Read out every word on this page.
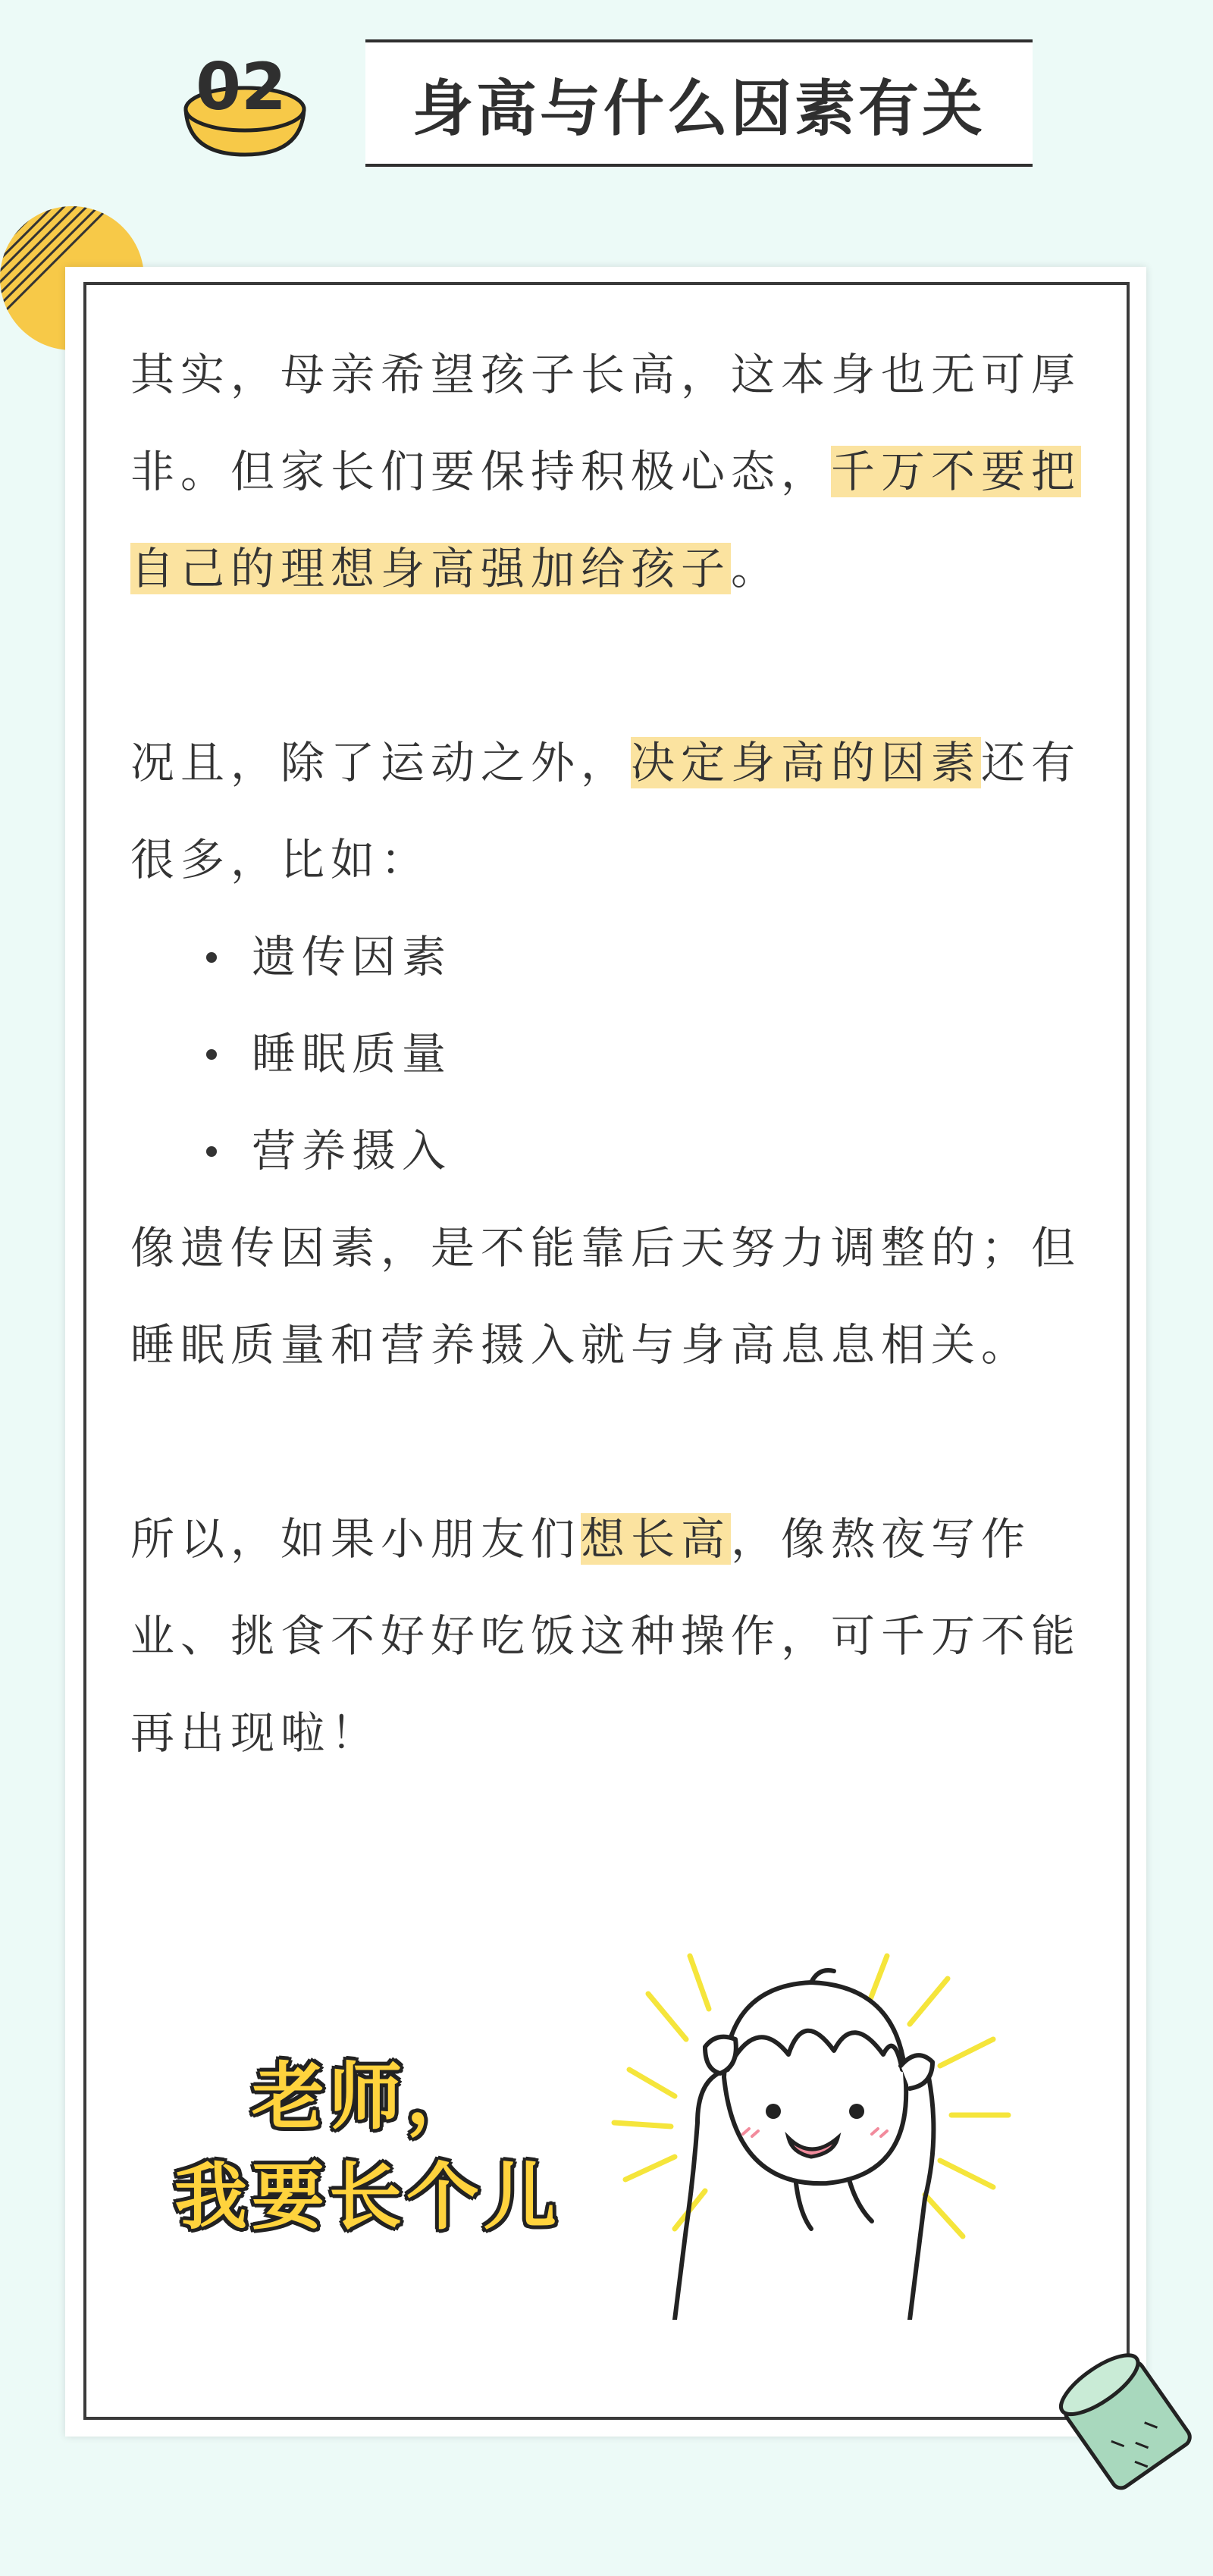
02 身高与什么因素有关

其实，母亲希望孩子长高，这本身也无可厚非。但家长们要保持积极心态，千万不要把自己的理想身高强加给孩子。

况且，除了运动之外，决定身高的因素还有很多，比如：

遗传因素
睡眠质量
营养摄入

像遗传因素，是不能靠后天努力调整的；但睡眠质量和营养摄入就与身高息息相关。

所以，如果小朋友们想长高，像熬夜写作业、挑食不好好吃饭这种操作，可千万不能再出现啦！

老师，
我要长个儿
